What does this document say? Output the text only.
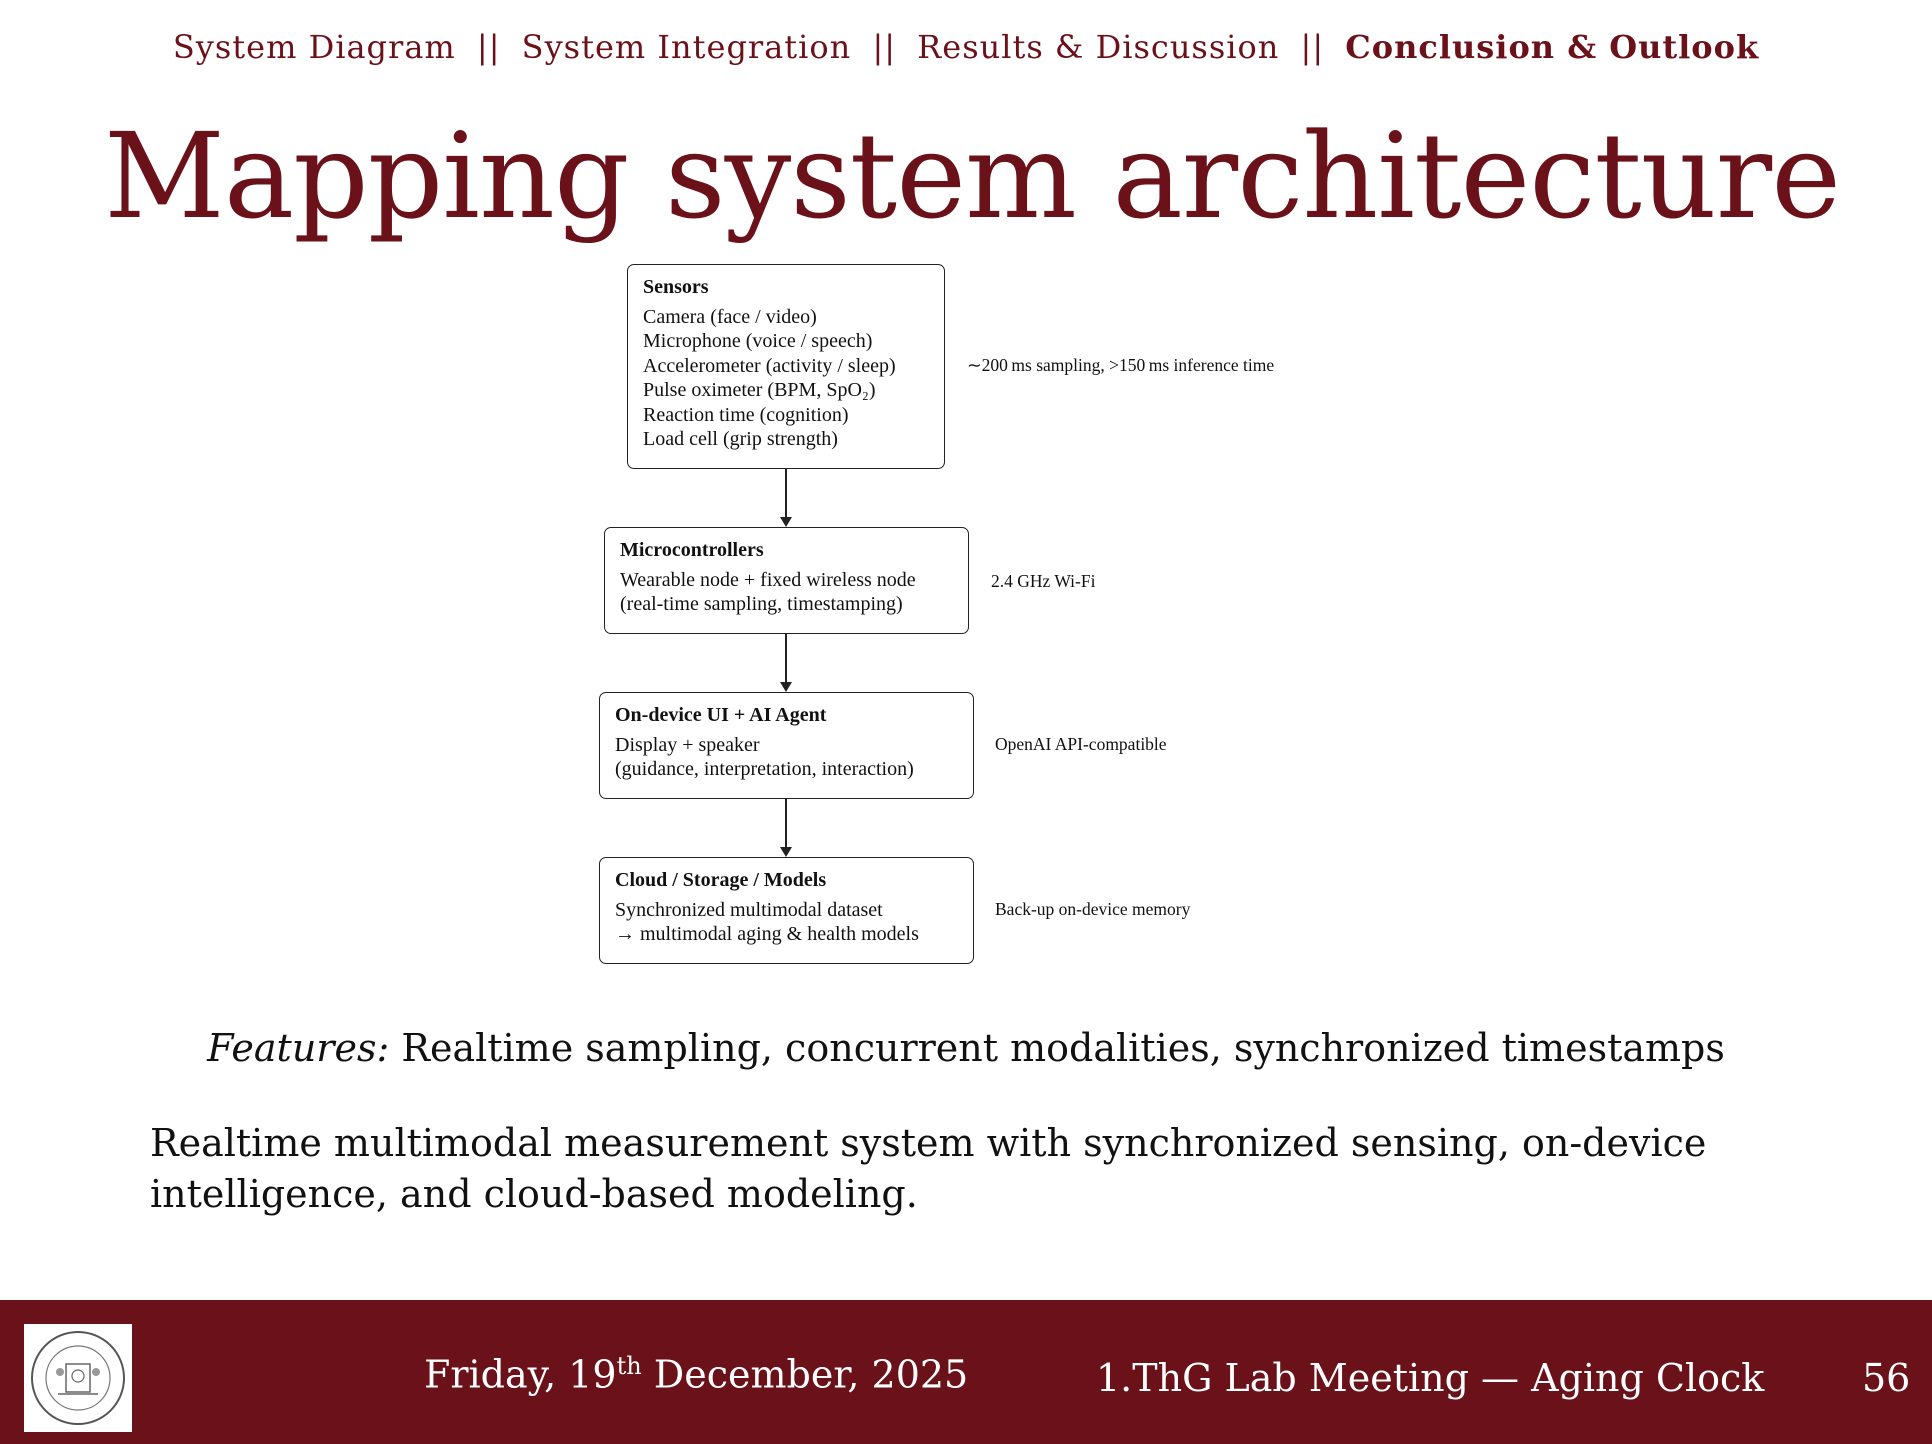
System Diagram || System Integration || Results & Discussion || Conclusion & Outlook
Mapping system architecture
Sensors
Camera (face / video)
Microphone (voice / speech)
Accelerometer (activity / sleep)
Pulse oximeter (BPM, SpO₂)
Reaction time (cognition)
Load cell (grip strength)
∼200 ms sampling, >150 ms inference time
Microcontrollers
Wearable node + fixed wireless node
(real-time sampling, timestamping)
2.4 GHz Wi-Fi
On-device UI + AI Agent
Display + speaker
(guidance, interpretation, interaction)
OpenAI API-compatible
Cloud / Storage / Models
Synchronized multimodal dataset
→ multimodal aging & health models
Back-up on-device memory
Features: Realtime sampling, concurrent modalities, synchronized timestamps
Realtime multimodal measurement system with synchronized sensing, on-device intelligence, and cloud-based modeling.
Friday, 19th December, 2025	1.ThG Lab Meeting — Aging Clock	56
